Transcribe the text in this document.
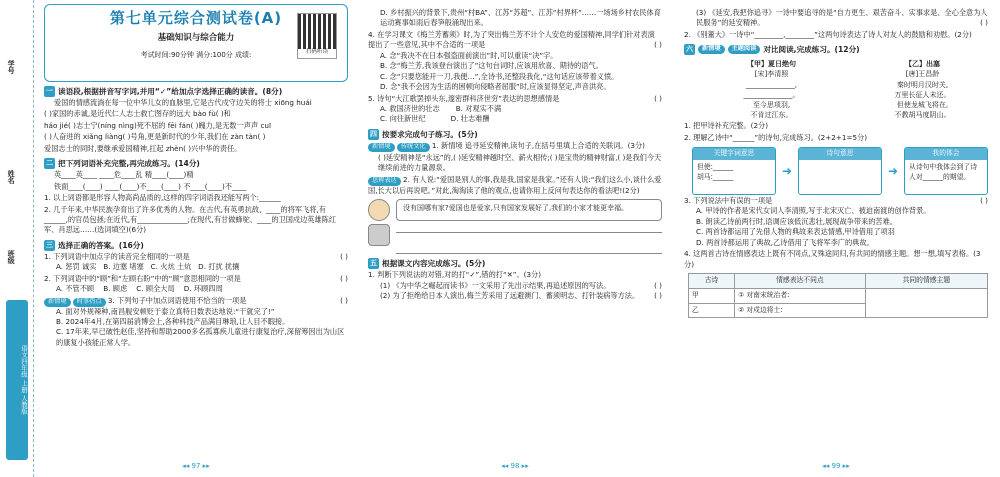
学号
姓名
班级
语文四年级 上册 人教版
第七单元综合测试卷(A)
基础知识与综合能力
考试时间:90分钟 满分:100分 成绩:	扫码听读
一 读语段,根据拼音写字词,并用“✓”给加点字选择正确的读音。(8分)
爱国的情感流淌在每一位中华儿女的血脉里,它是古代戍守边关的将士 xiōng huái
( )家国的赤诚,是近代仁人志士救亡图存的远大 bào fù( )和
háo jié( )志士宁(níng nìng)死不屈的 fēi fán( )魄力,是无数一声声 cuī
( )人奋进的 xiǎng liàng( )号角,更是新时代的少年,我们在 zàn tàn( )
爱国志士的同时,要继承爱国精神,扛起 zhèn( )兴中华的责任。
二 把下列词语补充完整,再完成练习。(14分)
英____英____ ____危____乱 精____(____)精
铁面____(____) ____(____)不____(____) 不____(____)不____
1. 以上词语都是形容人物高尚品质的,这样的四字词语我还能写两个:______
2. 几千年来,中华民族孕育出了许多优秀的人物。在古代,有英勇抗敌、____的将军飞将,有______,的官员包拯;在近代,有______________;在现代,有甘做蜂驼、____的卫国戍边英雄陈红军、肖思远……(选词填空)(6分)
三 选择正确的答案。(16分)
1. 下列词语中加点字的读音完全相同的一项是	( )
A. 惩罚 诚实 B. 边塞 堵塞 C. 火炕 土炕 D. 打扰 扰攘
2. 下列词语中的“顾”和“左顾右盼”中的“顾”意思相同的一项是	( )
A. 不管不顾 B. 顾虑 C. 顾全大局 D. 环顾四周
新情境 时事热点 3. 下列句子中加点词语使用不恰当的一项是	( )
A. 面对外规辣种,南昌舰安顿贬于泰立真特日数表达地说:“干就完了!”
B. 2024年4月,在第四届消博会上,各种科技产品满目琳琅,让人目不暇接。
C. 17年来,早已破性赵佳,坚持和帮助2000多名孤寡疾儿童进行康复治疗,深留筹因出为山区的康复小孩能正常人学。
◂◂ 97 ▸▸
D. 乡村振兴的背景下,贵州“村BA”、江苏“苏超”、江苏“村界杯”……一场场乡村农民体育运动赛事如雨后春笋般涌现出来。
4. 在学习课文《梅兰芳蓄须》时,为了突出梅兰芳不计个人安危的爱国精神,同学们针对表演提出了一些意见,其中不合适的一项是	( )
A. 念“我决不在日本强盗面前演出”时,可以重读“决”字。
B. 念“梅兰芳,我该登台演出了”这句台词时,应该用欣喜、期待的语气。
C. 念“只要您能开一刀,我便…”,全诗书,还整段我化,“这句话应该带着义愤。
D. 念“我不会因为生活的困顿向侵略者屈服”时,应该显得坚定,声音洪亮。
5. 诗句“大江歌罢掉头东,邃密群科济世穷”表达的思想感情是	( )
A. 救国济世的壮志 B. 对观实不满
C. 向往新世纪	D. 壮志难酬
四 按要求完成句子练习。(5分)
新情境 传统文化 1. 新情境 追寻延安精神,读句子,在括号里填上合适的关联词。(3分)
( )延安精神是“永远”的,( )延安精神越时空、薪火相传;( )是宝贵的精神财富,( )是我们今天继续前进的力量源泉。
思辨表达 2. 有人说:“爱国是别人的事,我是我,国家是我家。”还有人说:“我们这么小,谈什么爱国,长大以后再说吧。”对此,淘淘读了他的观点,也请你用上反问句表达你的看法吧!(2分)
没有国哪有家?爱国也是爱家,只有国家发展好了,我们的小家才能更幸福。
五 根据课文内容完成练习。(5分)
1. 判断下列说法的对错,对的打“✓”,错的打“✕”。(3分)
(1) 《为中华之崛起而读书》一文采用了先出示结果,再追述原因的写法。	( )
(2) 为了拒绝给日本人演出,梅兰芳采用了远避澳门、蓄须明志、打针装病等方法。 ( )
◂◂ 98 ▸▸
(3) 《延安,我把你追寻》一诗中要追寻的是“自力更生、艰苦奋斗、实事求是、全心全意为人民服务”的延安精神。	( )
2. 《别董大》一诗中“________,________”这两句诗表达了诗人对友人的鼓励和劝慰。(2分)
六	新情境	主题阅读 对比阅读,完成练习。(12分)
【甲】夏日绝句
[宋]李清照
______________,
______________。
至今思项羽,
不肯过江东。
【乙】出塞
[唐]王昌龄
秦时明月汉时关,
万里长征人未还。
但使龙城飞将在,
不教胡马度阴山。
1. 把甲诗补充完整。(2分)
2. 理解乙诗中“______”的诗句,完成练习。(2+2+1=5分)
关键字词意思
但使:______
胡马:______	➜
诗句意思
➜
我的体会
从诗句中我体会到了诗人对______的期望。
3. 下列说法中有误的一项是	( )
A. 甲诗的作者是宋代女词人李清照,写于北宋灭亡、被迫南渡的创作背景。
B. 朗读乙诗前两行时,语调应该低沉悲壮,展现战争带来的苦难。
C. 两首诗都运用了先借人物的典故来表达情感,甲诗借用了项羽
D. 两首诗都运用了典故,乙诗借用了飞将军李广的典故。
4. 这两首古诗在情感表达上既有不同点,又殊途同归,有共同的情感主题。想一想,填写表格。(3分)
古诗	情感表达不同点	共同的情感主题
甲	① 对南宋统治者:	
乙	② 对戍边将士:	
◂◂ 99 ▸▸
